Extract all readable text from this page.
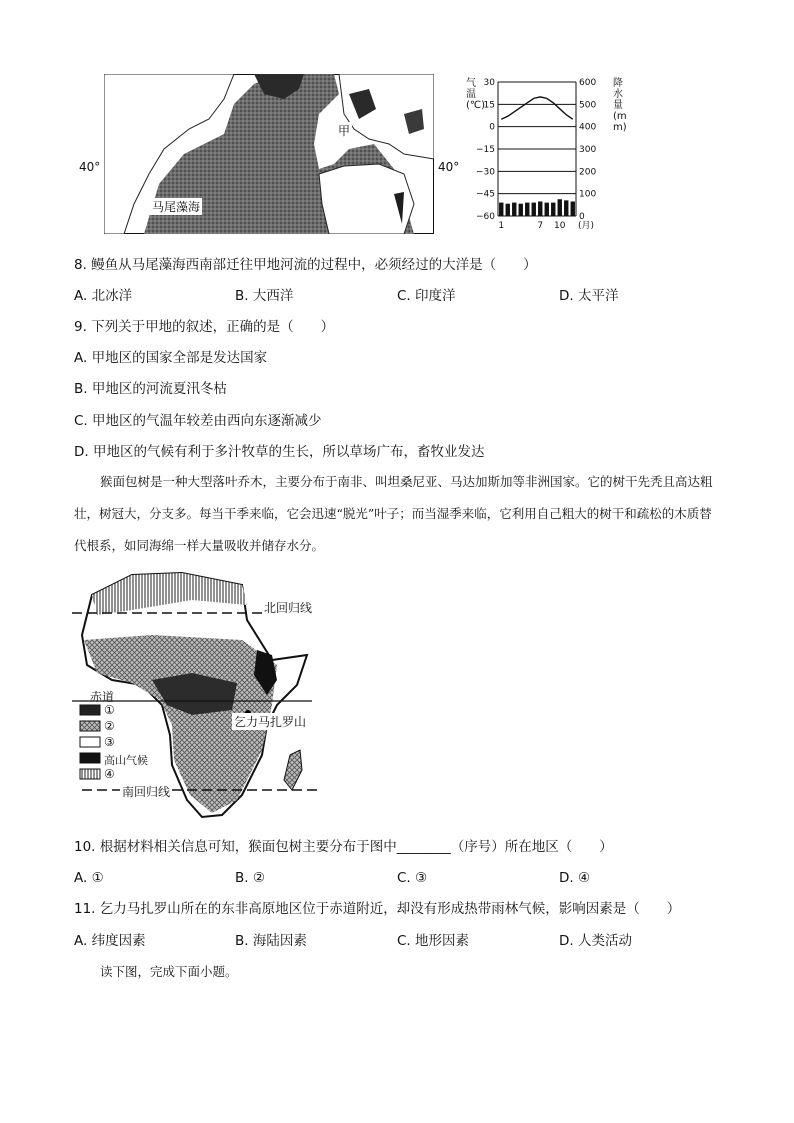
马尾藻海
甲
40°	40°
气温(℃)
降水量(mm)
30	600
15	500
0	400
−15	300
−30	200
−45	100
−60	0
1	7 10 (月)
8. 鳗鱼从马尾藻海西南部迁往甲地河流的过程中，必须经过的大洋是（　　）
A. 北冰洋	B. 大西洋	C. 印度洋	D. 太平洋
9. 下列关于甲地的叙述，正确的是（　　）
A. 甲地区的国家全部是发达国家
B. 甲地区的河流夏汛冬枯
C. 甲地区的气温年较差由西向东逐渐减少
D. 甲地区的气候有利于多汁牧草的生长，所以草场广布，畜牧业发达
猴面包树是一种大型落叶乔木，主要分布于南非、叫坦桑尼亚、马达加斯加等非洲国家。它的树干先秃且高达粗壮，树冠大，分支多。每当干季来临，它会迅速“脱光”叶子；而当湿季来临，它利用自己粗大的树干和疏松的木质替代根系，如同海绵一样大量吸收并储存水分。
北回归线
赤道
乞力马扎罗山
南回归线
①
②
③
高山气候
④
10. 根据材料相关信息可知，猴面包树主要分布于图中________（序号）所在地区（　　）
A. ①	B. ②	C. ③	D. ④
11. 乞力马扎罗山所在的东非高原地区位于赤道附近，却没有形成热带雨林气候，影响因素是（　　）
A. 纬度因素	B. 海陆因素	C. 地形因素	D. 人类活动
读下图，完成下面小题。
